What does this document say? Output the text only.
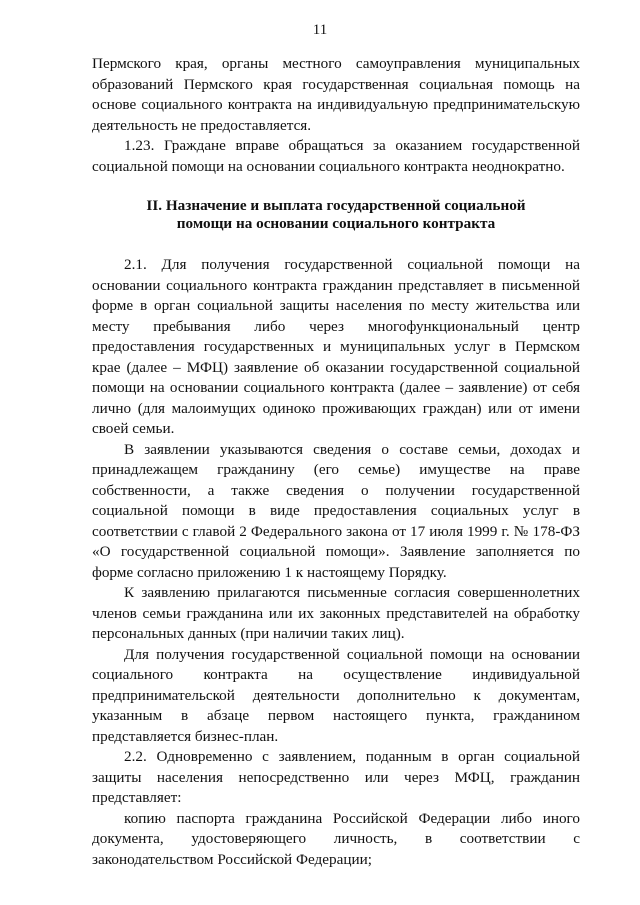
11

Пермского края, органы местного самоуправления муниципальных образований Пермского края государственная социальная помощь на основе социального контракта на индивидуальную предпринимательскую деятельность не предоставляется.

1.23. Граждане вправе обращаться за оказанием государственной социальной помощи на основании социального контракта неоднократно.

II. Назначение и выплата государственной социальной
помощи на основании социального контракта

2.1. Для получения государственной социальной помощи на основании социального контракта гражданин представляет в письменной форме в орган социальной защиты населения по месту жительства или месту пребывания либо через многофункциональный центр предоставления государственных и муниципальных услуг в Пермском крае (далее – МФЦ) заявление об оказании государственной социальной помощи на основании социального контракта (далее – заявление) от себя лично (для малоимущих одиноко проживающих граждан) или от имени своей семьи.

В заявлении указываются сведения о составе семьи, доходах и принадлежащем гражданину (его семье) имуществе на праве собственности, а также сведения о получении государственной социальной помощи в виде предоставления социальных услуг в соответствии с главой 2 Федерального закона от 17 июля 1999 г. № 178-ФЗ «О государственной социальной помощи». Заявление заполняется по форме согласно приложению 1 к настоящему Порядку.

К заявлению прилагаются письменные согласия совершеннолетних членов семьи гражданина или их законных представителей на обработку персональных данных (при наличии таких лиц).

Для получения государственной социальной помощи на основании социального контракта на осуществление индивидуальной предпринимательской деятельности дополнительно к документам, указанным в абзаце первом настоящего пункта, гражданином представляется бизнес-план.

2.2. Одновременно с заявлением, поданным в орган социальной защиты населения непосредственно или через МФЦ, гражданин представляет:

копию паспорта гражданина Российской Федерации либо иного документа, удостоверяющего личность, в соответствии с законодательством Российской Федерации;
